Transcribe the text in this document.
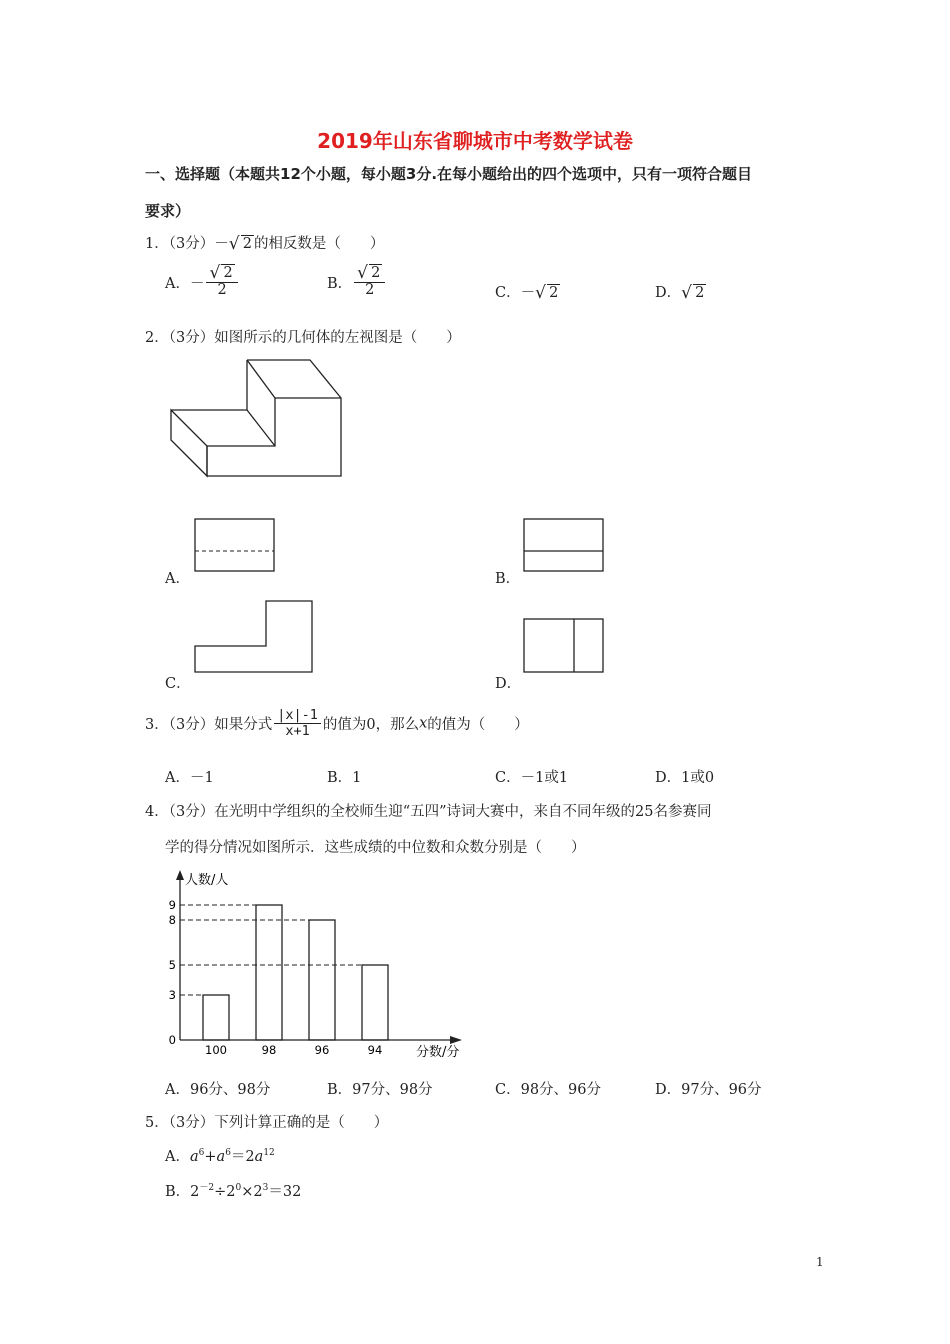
2019年山东省聊城市中考数学试卷
一、选择题（本题共12个小题，每小题3分.在每小题给出的四个选项中，只有一项符合题目
要求）
1．（3分）－ √ 2 的相反数是（　　）
A．－ $\frac{√ 2}{2}$	B． $\frac{√ 2}{2}$	C．－ √ 2	D． √ 2
2．（3分）如图所示的几何体的左视图是（　　）
A．	B．
C．	D．
3．（3分）如果分式 $\frac{|x|-1}{x+1}$ 的值为0，那么x的值为（　　）
A．－1	B．1	C．－1或1	D．1或0
4．（3分）在光明中学组织的全校师生迎“五四”诗词大赛中，来自不同年级的25名参赛同
学的得分情况如图所示．这些成绩的中位数和众数分别是（　　）
人数/人
分数/分
100	98	96	94
0
3
5
8
9
A．96分、98分	B．97分、98分	C．98分、96分	D．97分、96分
5．（3分）下列计算正确的是（　　）
A．$a^6+a^6=2a^{12}$
B．$2^{-2}\div 2^0\times 2^3=32$
1
